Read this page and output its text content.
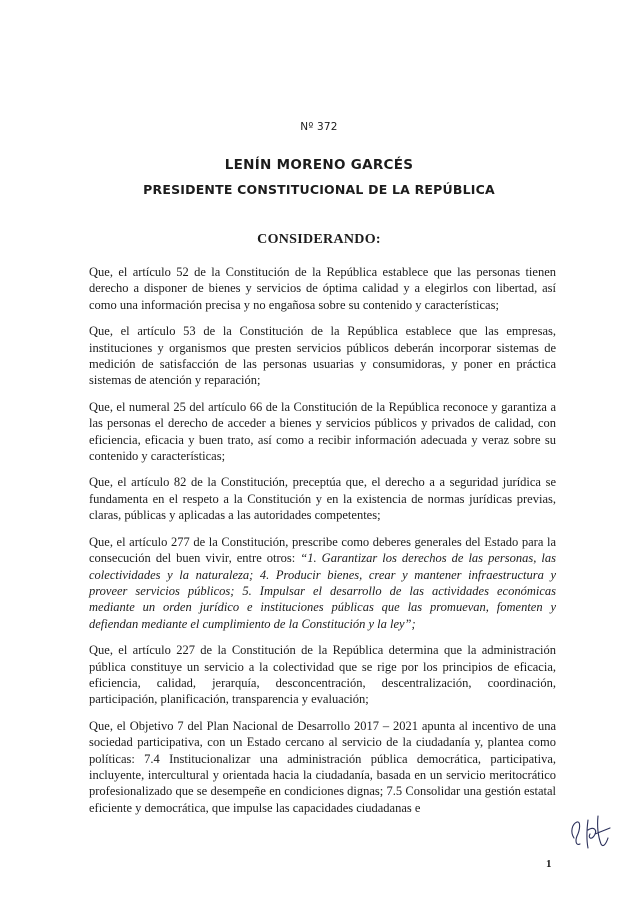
Nº 372
LENÍN MORENO GARCÉS
PRESIDENTE CONSTITUCIONAL DE LA REPÚBLICA
CONSIDERANDO:

Que, el artículo 52 de la Constitución de la República establece que las personas tienen derecho a disponer de bienes y servicios de óptima calidad y a elegirlos con libertad, así como una información precisa y no engañosa sobre su contenido y características;

Que, el artículo 53 de la Constitución de la República establece que las empresas, instituciones y organismos que presten servicios públicos deberán incorporar sistemas de medición de satisfacción de las personas usuarias y consumidoras, y poner en práctica sistemas de atención y reparación;

Que, el numeral 25 del artículo 66 de la Constitución de la República reconoce y garantiza a las personas el derecho de acceder a bienes y servicios públicos y privados de calidad, con eficiencia, eficacia y buen trato, así como a recibir información adecuada y veraz sobre su contenido y características;

Que, el artículo 82 de la Constitución, preceptúa que, el derecho a a seguridad jurídica se fundamenta en el respeto a la Constitución y en la existencia de normas jurídicas previas, claras, públicas y aplicadas a las autoridades competentes;

Que, el artículo 277 de la Constitución, prescribe como deberes generales del Estado para la consecución del buen vivir, entre otros: “1. Garantizar los derechos de las personas, las colectividades y la naturaleza; 4. Producir bienes, crear y mantener infraestructura y proveer servicios públicos; 5. Impulsar el desarrollo de las actividades económicas mediante un orden jurídico e instituciones públicas que las promuevan, fomenten y defiendan mediante el cumplimiento de la Constitución y la ley”;

Que, el artículo 227 de la Constitución de la República determina que la administración pública constituye un servicio a la colectividad que se rige por los principios de eficacia, eficiencia, calidad, jerarquía, desconcentración, descentralización, coordinación, participación, planificación, transparencia y evaluación;

Que, el Objetivo 7 del Plan Nacional de Desarrollo 2017 – 2021 apunta al incentivo de una sociedad participativa, con un Estado cercano al servicio de la ciudadanía y, plantea como políticas: 7.4 Institucionalizar una administración pública democrática, participativa, incluyente, intercultural y orientada hacia la ciudadanía, basada en un servicio meritocrático profesionalizado que se desempeñe en condiciones dignas; 7.5 Consolidar una gestión estatal eficiente y democrática, que impulse las capacidades ciudadanas e

1
